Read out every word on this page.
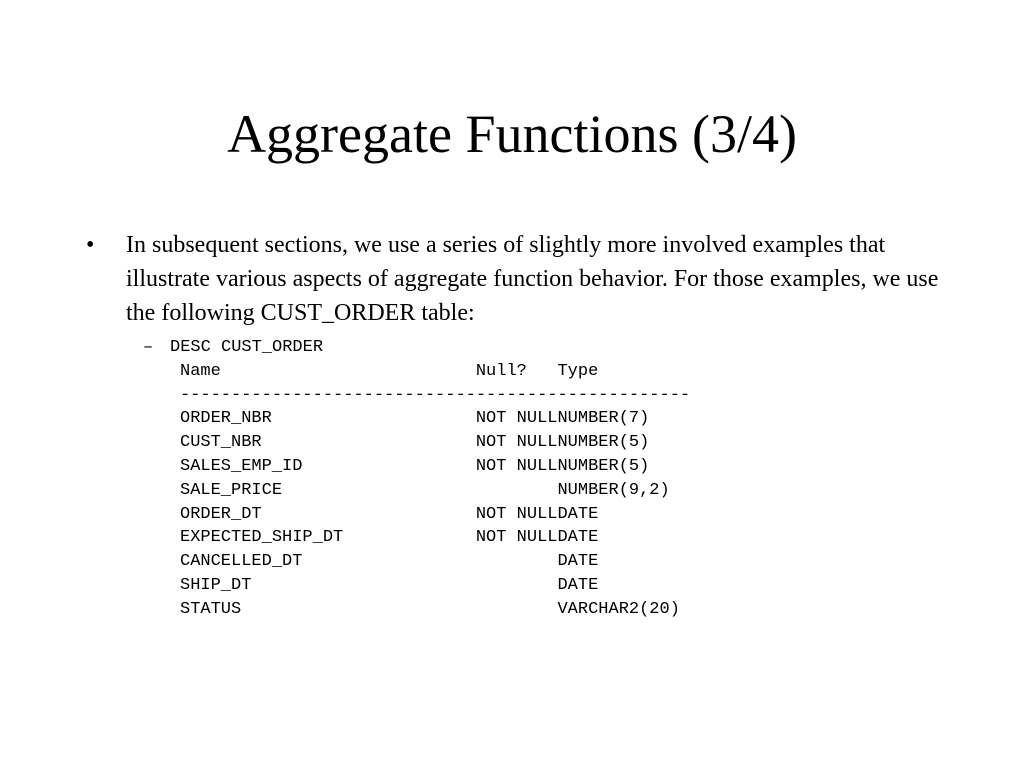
Aggregate Functions (3/4)
•	In subsequent sections, we use a series of slightly more involved examples that illustrate various aspects of aggregate function behavior. For those examples, we use the following CUST_ORDER table:
– DESC CUST_ORDER
Name	Null?	Type
-----------------------------	--------	-------------
ORDER_NBR	NOT NULL	NUMBER(7)
CUST_NBR	NOT NULL	NUMBER(5)
SALES_EMP_ID	NOT NULL	NUMBER(5)
SALE_PRICE		NUMBER(9,2)
ORDER_DT	NOT NULL	DATE
EXPECTED_SHIP_DT	NOT NULL	DATE
CANCELLED_DT		DATE
SHIP_DT		DATE
STATUS		VARCHAR2(20)
